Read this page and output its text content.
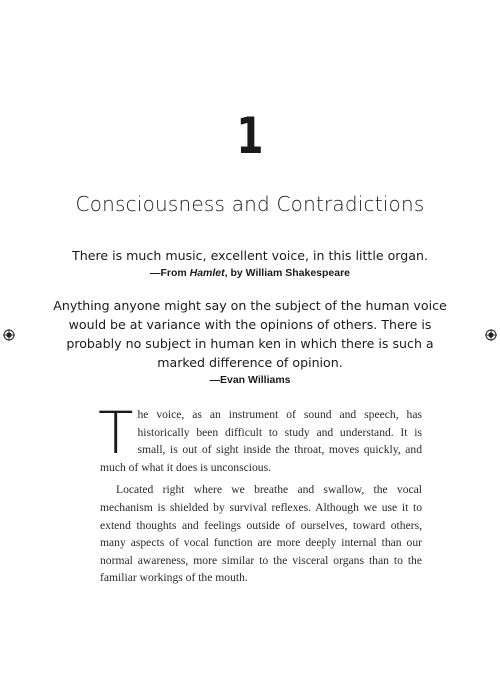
1
Consciousness and Contradictions

There is much music, excellent voice, in this little organ.

—From Hamlet, by William Shakespeare

Anything anyone might say on the subject of the human voice would be at variance with the opinions of others. There is probably no subject in human ken in which there is such a marked difference of opinion.

—Evan Williams

The voice, as an instrument of sound and speech, has historically been difficult to study and understand. It is small, is out of sight inside the throat, moves quickly, and much of what it does is unconscious.

Located right where we breathe and swallow, the vocal mechanism is shielded by survival reflexes. Although we use it to extend thoughts and feelings outside of ourselves, toward others, many aspects of vocal function are more deeply internal than our normal awareness, more similar to the visceral organs than to the familiar workings of the mouth.
